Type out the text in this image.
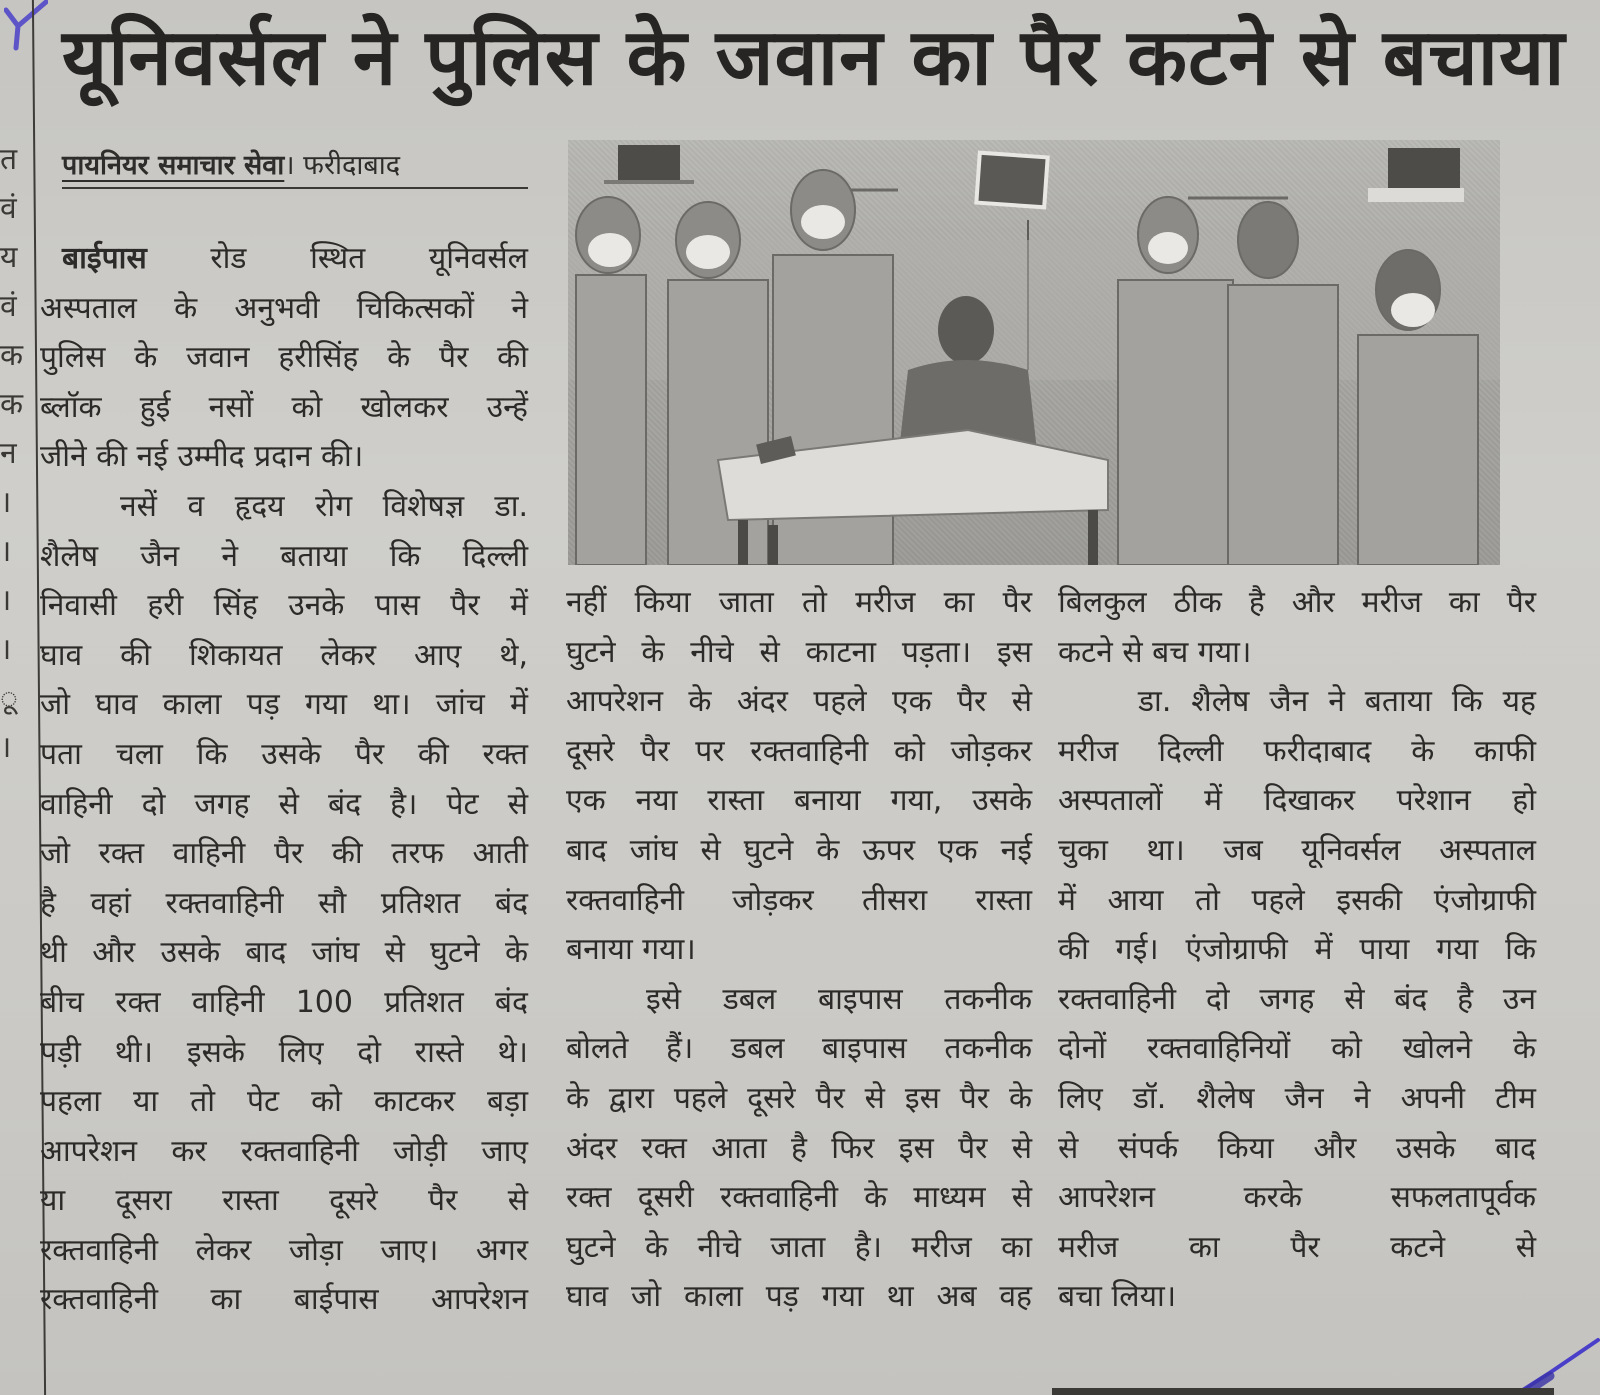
त
वं
य
वं
क
क
न
।
।
।
।
ू
।
यूनिवर्सल ने पुलिस के जवान का पैर कटने से बचाया
पायनियर समाचार सेवा। फरीदाबाद
बाईपास रोड स्थित यूनिवर्सल
अस्पताल के अनुभवी चिकित्सकों ने
पुलिस के जवान हरीसिंह के पैर की
ब्लॉक हुई नसों को खोलकर उन्हें
जीने की नई उम्मीद प्रदान की।
नसें व हृदय रोग विशेषज्ञ डा.
शैलेष जैन ने बताया कि दिल्ली
निवासी हरी सिंह उनके पास पैर में
घाव की शिकायत लेकर आए थे,
जो घाव काला पड़ गया था। जांच में
पता चला कि उसके पैर की रक्त
वाहिनी दो जगह से बंद है। पेट से
जो रक्त वाहिनी पैर की तरफ आती
है वहां रक्तवाहिनी सौ प्रतिशत बंद
थी और उसके बाद जांघ से घुटने के
बीच रक्त वाहिनी 100 प्रतिशत बंद
पड़ी थी। इसके लिए दो रास्ते थे।
पहला या तो पेट को काटकर बड़ा
आपरेशन कर रक्तवाहिनी जोड़ी जाए
या दूसरा रास्ता दूसरे पैर से
रक्तवाहिनी लेकर जोड़ा जाए। अगर
रक्तवाहिनी का बाईपास आपरेशन
नहीं किया जाता तो मरीज का पैर
घुटने के नीचे से काटना पड़ता। इस
आपरेशन के अंदर पहले एक पैर से
दूसरे पैर पर रक्तवाहिनी को जोड़कर
एक नया रास्ता बनाया गया, उसके
बाद जांघ से घुटने के ऊपर एक नई
रक्तवाहिनी जोड़कर तीसरा रास्ता
बनाया गया।
इसे डबल बाइपास तकनीक
बोलते हैं। डबल बाइपास तकनीक
के द्वारा पहले दूसरे पैर से इस पैर के
अंदर रक्त आता है फिर इस पैर से
रक्त दूसरी रक्तवाहिनी के माध्यम से
घुटने के नीचे जाता है। मरीज का
घाव जो काला पड़ गया था अब वह
बिलकुल ठीक है और मरीज का पैर
कटने से बच गया।
डा. शैलेष जैन ने बताया कि यह
मरीज दिल्ली फरीदाबाद के काफी
अस्पतालों में दिखाकर परेशान हो
चुका था। जब यूनिवर्सल अस्पताल
में आया तो पहले इसकी एंजोग्राफी
की गई। एंजोग्राफी में पाया गया कि
रक्तवाहिनी दो जगह से बंद है उन
दोनों रक्तवाहिनियों को खोलने के
लिए डॉ. शैलेष जैन ने अपनी टीम
से संपर्क किया और उसके बाद
आपरेशन करके सफलतापूर्वक
मरीज का पैर कटने से
बचा लिया।
